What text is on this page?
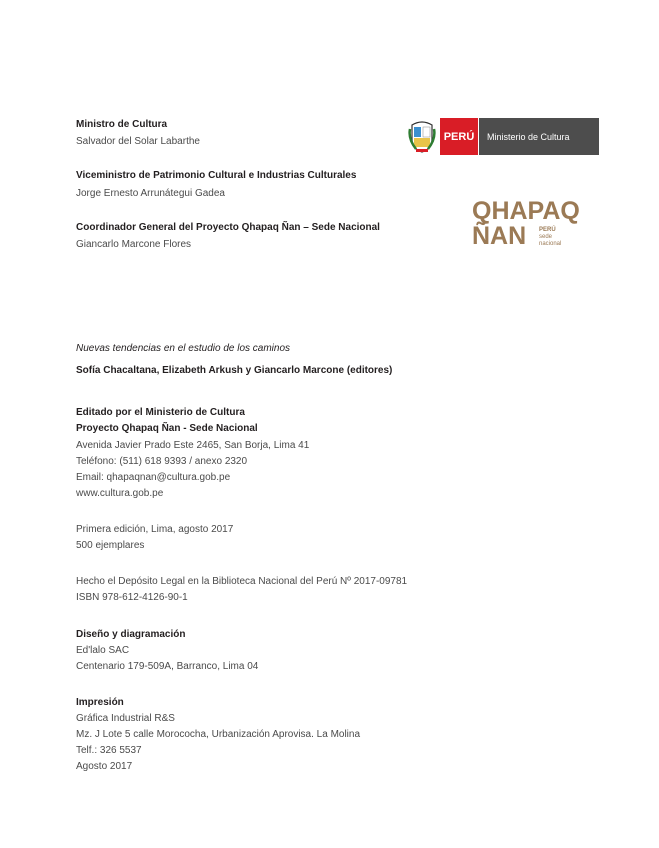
Ministro de Cultura
Salvador del Solar Labarthe
Viceministro de Patrimonio Cultural e Industrias Culturales
Jorge Ernesto Arrunátegui Gadea
Coordinador General del Proyecto Qhapaq Ñan – Sede Nacional
Giancarlo Marcone Flores
PERÚ	Ministerio de Cultura
QHAPAQ
ÑAN PERÚ
sede
nacional
Nuevas tendencias en el estudio de los caminos
Sofía Chacaltana, Elizabeth Arkush y Giancarlo Marcone (editores)
Editado por el Ministerio de Cultura
Proyecto Qhapaq Ñan - Sede Nacional
Avenida Javier Prado Este 2465, San Borja, Lima 41
Teléfono: (511) 618 9393 / anexo 2320
Email: qhapaqnan@cultura.gob.pe
www.cultura.gob.pe
Primera edición, Lima, agosto 2017
500 ejemplares
Hecho el Depósito Legal en la Biblioteca Nacional del Perú Nº 2017-09781
ISBN 978-612-4126-90-1
Diseño y diagramación
Ed'lalo SAC
Centenario 179-509A, Barranco, Lima 04
Impresión
Gráfica Industrial R&S
Mz. J Lote 5 calle Morococha, Urbanización Aprovisa. La Molina
Telf.: 326 5537
Agosto 2017
